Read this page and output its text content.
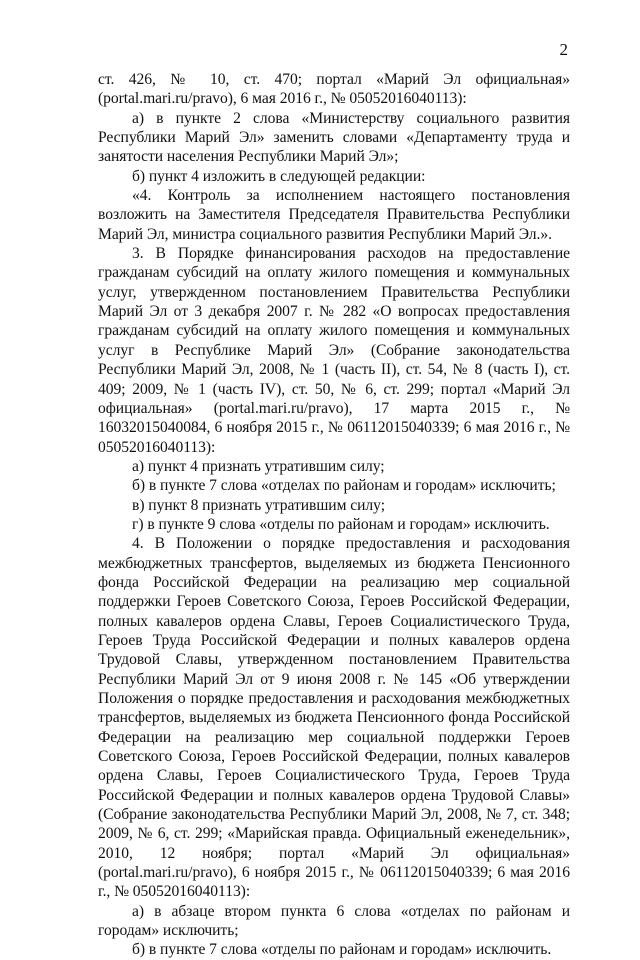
2

ст. 426, № 10, ст. 470; портал «Марий Эл официальная» (portal.mari.ru/pravo), 6 мая 2016 г., № 05052016040113):

а) в пункте 2 слова «Министерству социального развития Республики Марий Эл» заменить словами «Департаменту труда и занятости населения Республики Марий Эл»;

б) пункт 4 изложить в следующей редакции:

«4. Контроль за исполнением настоящего постановления возложить на Заместителя Председателя Правительства Республики Марий Эл, министра социального развития Республики Марий Эл.».

3. В Порядке финансирования расходов на предоставление гражданам субсидий на оплату жилого помещения и коммунальных услуг, утвержденном постановлением Правительства Республики Марий Эл от 3 декабря 2007 г. № 282 «О вопросах предоставления гражданам субсидий на оплату жилого помещения и коммунальных услуг в Республике Марий Эл» (Собрание законодательства Республики Марий Эл, 2008, № 1 (часть II), ст. 54, № 8 (часть I), ст. 409; 2009, № 1 (часть IV), ст. 50, № 6, ст. 299; портал «Марий Эл официальная» (portal.mari.ru/pravo), 17 марта 2015 г., № 16032015040084, 6 ноября 2015 г., № 06112015040339; 6 мая 2016 г., № 05052016040113):

а) пункт 4 признать утратившим силу;

б) в пункте 7 слова «отделах по районам и городам» исключить;

в) пункт 8 признать утратившим силу;

г) в пункте 9 слова «отделы по районам и городам» исключить.

4. В Положении о порядке предоставления и расходования межбюджетных трансфертов, выделяемых из бюджета Пенсионного фонда Российской Федерации на реализацию мер социальной поддержки Героев Советского Союза, Героев Российской Федерации, полных кавалеров ордена Славы, Героев Социалистического Труда, Героев Труда Российской Федерации и полных кавалеров ордена Трудовой Славы, утвержденном постановлением Правительства Республики Марий Эл от 9 июня 2008 г. № 145 «Об утверждении Положения о порядке предоставления и расходования межбюджетных трансфертов, выделяемых из бюджета Пенсионного фонда Российской Федерации на реализацию мер социальной поддержки Героев Советского Союза, Героев Российской Федерации, полных кавалеров ордена Славы, Героев Социалистического Труда, Героев Труда Российской Федерации и полных кавалеров ордена Трудовой Славы» (Собрание законодательства Республики Марий Эл, 2008, № 7, ст. 348; 2009, № 6, ст. 299; «Марийская правда. Официальный еженедельник», 2010, 12 ноября; портал «Марий Эл официальная» (portal.mari.ru/pravo), 6 ноября 2015 г., № 06112015040339; 6 мая 2016 г., № 05052016040113):

а) в абзаце втором пункта 6 слова «отделах по районам и городам» исключить;

б) в пункте 7 слова «отделы по районам и городам» исключить.
